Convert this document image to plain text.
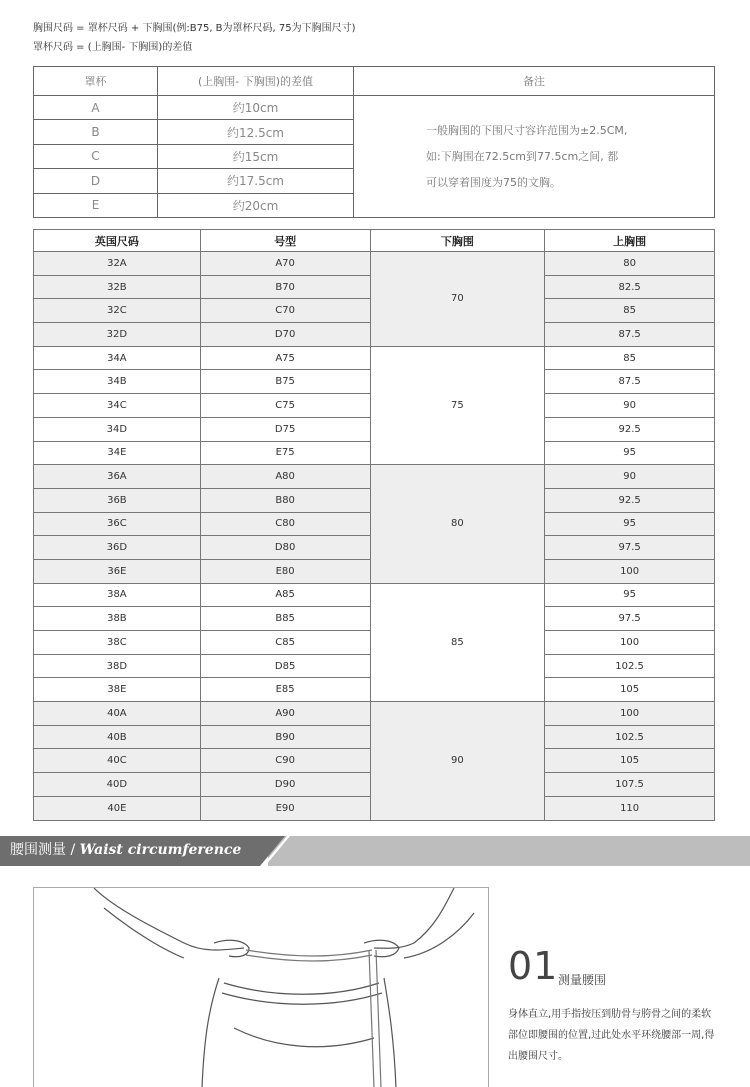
胸围尺码 = 罩杯尺码 + 下胸围(例:B75, B为罩杯尺码, 75为下胸围尺寸)
罩杯尺码 = (上胸围- 下胸围)的差值
罩杯	(上胸围- 下胸围)的差值	备注
A	约10cm	一般胸围的下围尺寸容许范围为±2.5CM,
如:下胸围在72.5cm到77.5cm之间, 都
可以穿着围度为75的文胸。

B	约12.5cm	
C	约15cm	
D	约17.5cm	
E	约20cm	
英国尺码	号型	下胸围	上胸围
32A	A70	70	80
32B	B70		82.5
32C	C70		85
32D	D70		87.5
34A	A75	75	85
34B	B75		87.5
34C	C75		90
34D	D75		92.5
34E	E75		95
36A	A80	80	90
36B	B80		92.5
36C	C80		95
36D	D80		97.5
36E	E80		100
38A	A85	85	95
38B	B85		97.5
38C	C85		100
38D	D85		102.5
38E	E85		105
40A	A90	90	100
40B	B90		102.5
40C	C90		105
40D	D90		107.5
40E	E90		110
腰围测量 / Waist circumference
01 测量腰围
身体直立,用手指按压到肋骨与胯骨之间的柔软部位即腰围的位置,过此处水平环绕腰部一周,得出腰围尺寸。
